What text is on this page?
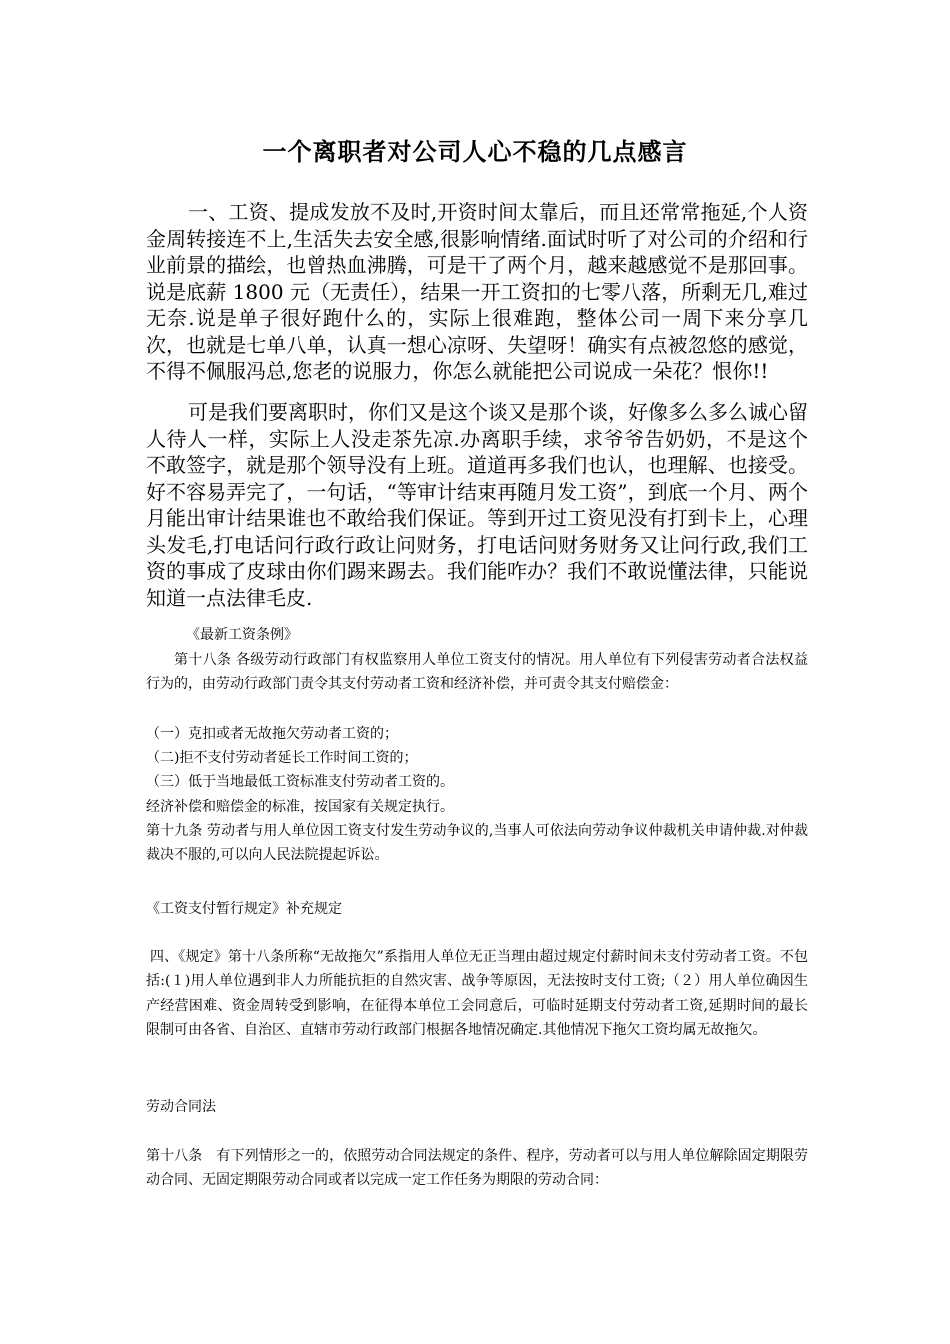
一个离职者对公司人心不稳的几点感言

一、工资、提成发放不及时,开资时间太靠后，而且还常常拖延,个人资金周转接连不上,生活失去安全感,很影响情绪.面试时听了对公司的介绍和行业前景的描绘，也曾热血沸腾，可是干了两个月，越来越感觉不是那回事。说是底薪 1800 元（无责任），结果一开工资扣的七零八落，所剩无几,难过无奈.说是单子很好跑什么的，实际上很难跑，整体公司一周下来分享几次，也就是七单八单，认真一想心凉呀、失望呀！确实有点被忽悠的感觉，不得不佩服冯总,您老的说服力，你怎么就能把公司说成一朵花？恨你!!

可是我们要离职时，你们又是这个谈又是那个谈，好像多么多么诚心留人待人一样，实际上人没走茶先凉.办离职手续，求爷爷告奶奶，不是这个不敢签字，就是那个领导没有上班。道道再多我们也认，也理解、也接受。好不容易弄完了，一句话，“等审计结束再随月发工资”，到底一个月、两个月能出审计结果谁也不敢给我们保证。等到开过工资见没有打到卡上，心理头发毛,打电话问行政行政让问财务，打电话问财务财务又让问行政,我们工资的事成了皮球由你们踢来踢去。我们能咋办？我们不敢说懂法律，只能说知道一点法律毛皮.

《最新工资条例》

第十八条 各级劳动行政部门有权监察用人单位工资支付的情况。用人单位有下列侵害劳动者合法权益行为的，由劳动行政部门责令其支付劳动者工资和经济补偿，并可责令其支付赔偿金：

（一）克扣或者无故拖欠劳动者工资的；

（二)拒不支付劳动者延长工作时间工资的；

（三）低于当地最低工资标准支付劳动者工资的。

经济补偿和赔偿金的标准，按国家有关规定执行。

第十九条 劳动者与用人单位因工资支付发生劳动争议的,当事人可依法向劳动争议仲裁机关申请仲裁.对仲裁裁决不服的,可以向人民法院提起诉讼。

《工资支付暂行规定》补充规定

四、《规定》第十八条所称“无故拖欠”系指用人单位无正当理由超过规定付薪时间未支付劳动者工资。不包括:(１)用人单位遇到非人力所能抗拒的自然灾害、战争等原因，无法按时支付工资;（２）用人单位确因生产经营困难、资金周转受到影响，在征得本单位工会同意后，可临时延期支付劳动者工资,延期时间的最长限制可由各省、自治区、直辖市劳动行政部门根据各地情况确定.其他情况下拖欠工资均属无故拖欠。

劳动合同法

第十八条　有下列情形之一的，依照劳动合同法规定的条件、程序，劳动者可以与用人单位解除固定期限劳动合同、无固定期限劳动合同或者以完成一定工作任务为期限的劳动合同：
